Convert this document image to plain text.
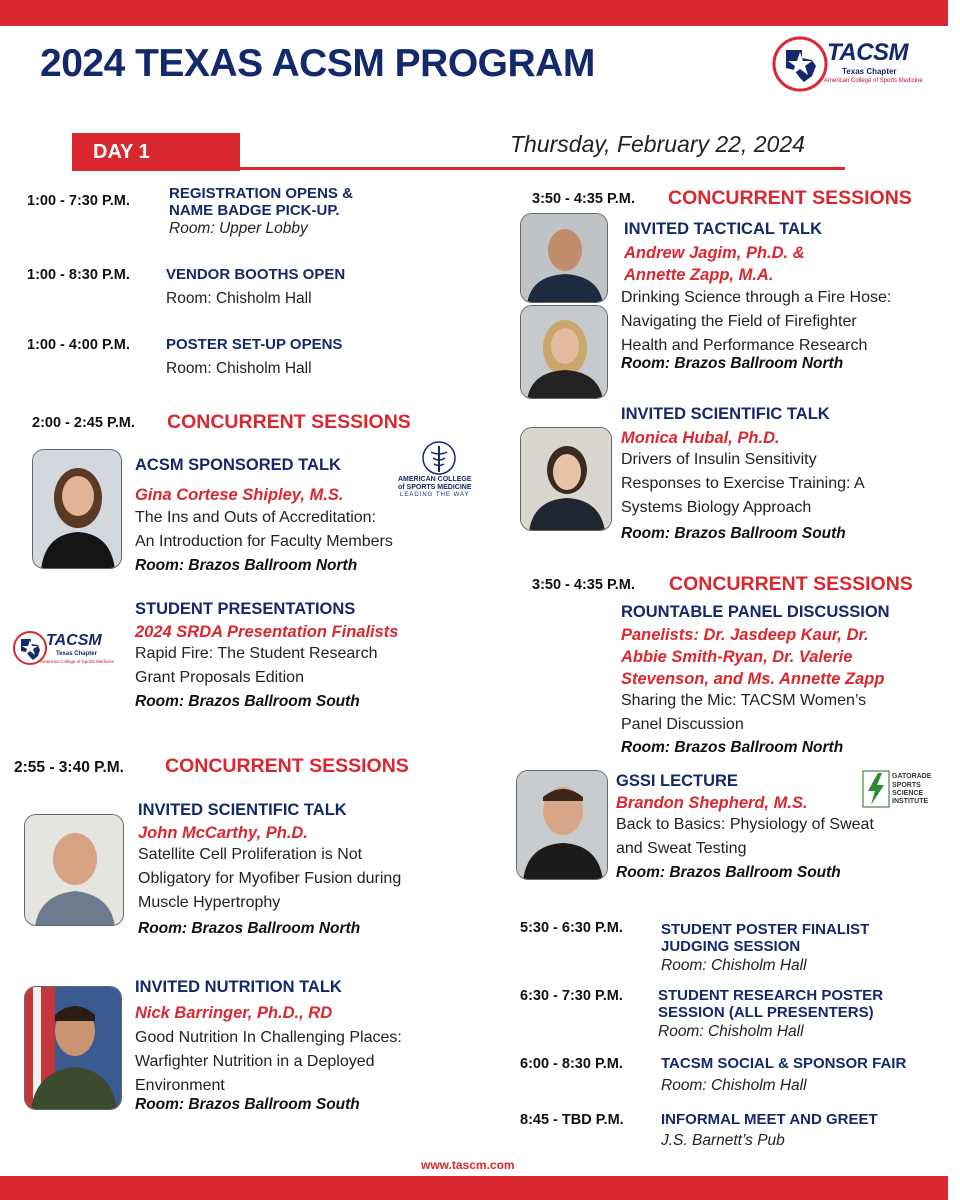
2024 TEXAS ACSM PROGRAM	TACSM
Texas Chapter
American College of Sports Medicine
DAY 1	Thursday, February 22, 2024
1:00 - 7:30 P.M.	REGISTRATION OPENS &
NAME BADGE PICK-UP.
Room: Upper Lobby
1:00 - 8:30 P.M. VENDOR BOOTHS OPEN
Room: Chisholm Hall
1:00 - 4:00 P.M. POSTER SET-UP OPENS
Room: Chisholm Hall
2:00 - 2:45 P.M. CONCURRENT SESSIONS
ACSM SPONSORED TALK
AMERICAN COLLEGE
of SPORTS MEDICINE
LEADING THE WAY
Gina Cortese Shipley, M.S.
The Ins and Outs of Accreditation:
An Introduction for Faculty Members
Room: Brazos Ballroom North
STUDENT PRESENTATIONS
TACSM
Texas Chapter
American College of Sports Medicine
2024 SRDA Presentation Finalists
Rapid Fire: The Student Research
Grant Proposals Edition
Room: Brazos Ballroom South
2:55 - 3:40 P.M. CONCURRENT SESSIONS
INVITED SCIENTIFIC TALK
John McCarthy, Ph.D.
Satellite Cell Proliferation is Not
Obligatory for Myofiber Fusion during
Muscle Hypertrophy
Room: Brazos Ballroom North
INVITED NUTRITION TALK
Nick Barringer, Ph.D., RD
Good Nutrition In Challenging Places:
Warfighter Nutrition in a Deployed
Environment
Room: Brazos Ballroom South
3:50 - 4:35 P.M. CONCURRENT SESSIONS
INVITED TACTICAL TALK
Andrew Jagim, Ph.D. &
Annette Zapp, M.A.
Drinking Science through a Fire Hose:
Navigating the Field of Firefighter
Health and Performance Research
Room: Brazos Ballroom North
INVITED SCIENTIFIC TALK
Monica Hubal, Ph.D.
Drivers of Insulin Sensitivity
Responses to Exercise Training: A
Systems Biology Approach
Room: Brazos Ballroom South
3:50 - 4:35 P.M. CONCURRENT SESSIONS
ROUNTABLE PANEL DISCUSSION
Panelists: Dr. Jasdeep Kaur, Dr.
Abbie Smith-Ryan, Dr. Valerie
Stevenson, and Ms. Annette Zapp
Sharing the Mic: TACSM Women’s
Panel Discussion
Room: Brazos Ballroom North
GSSI LECTURE	GATORADE
SPORTS
SCIENCE
INSTITUTE
Brandon Shepherd, M.S.
Back to Basics: Physiology of Sweat
and Sweat Testing
Room: Brazos Ballroom South
5:30 - 6:30 P.M.	STUDENT POSTER FINALIST
JUDGING SESSION
Room: Chisholm Hall
6:30 - 7:30 P.M. STUDENT RESEARCH POSTER
SESSION (ALL PRESENTERS)
Room: Chisholm Hall
6:00 - 8:30 P.M.	TACSM SOCIAL & SPONSOR FAIR
Room: Chisholm Hall
8:45 - TBD P.M. INFORMAL MEET AND GREET
J.S. Barnett’s Pub
www.tascm.com
